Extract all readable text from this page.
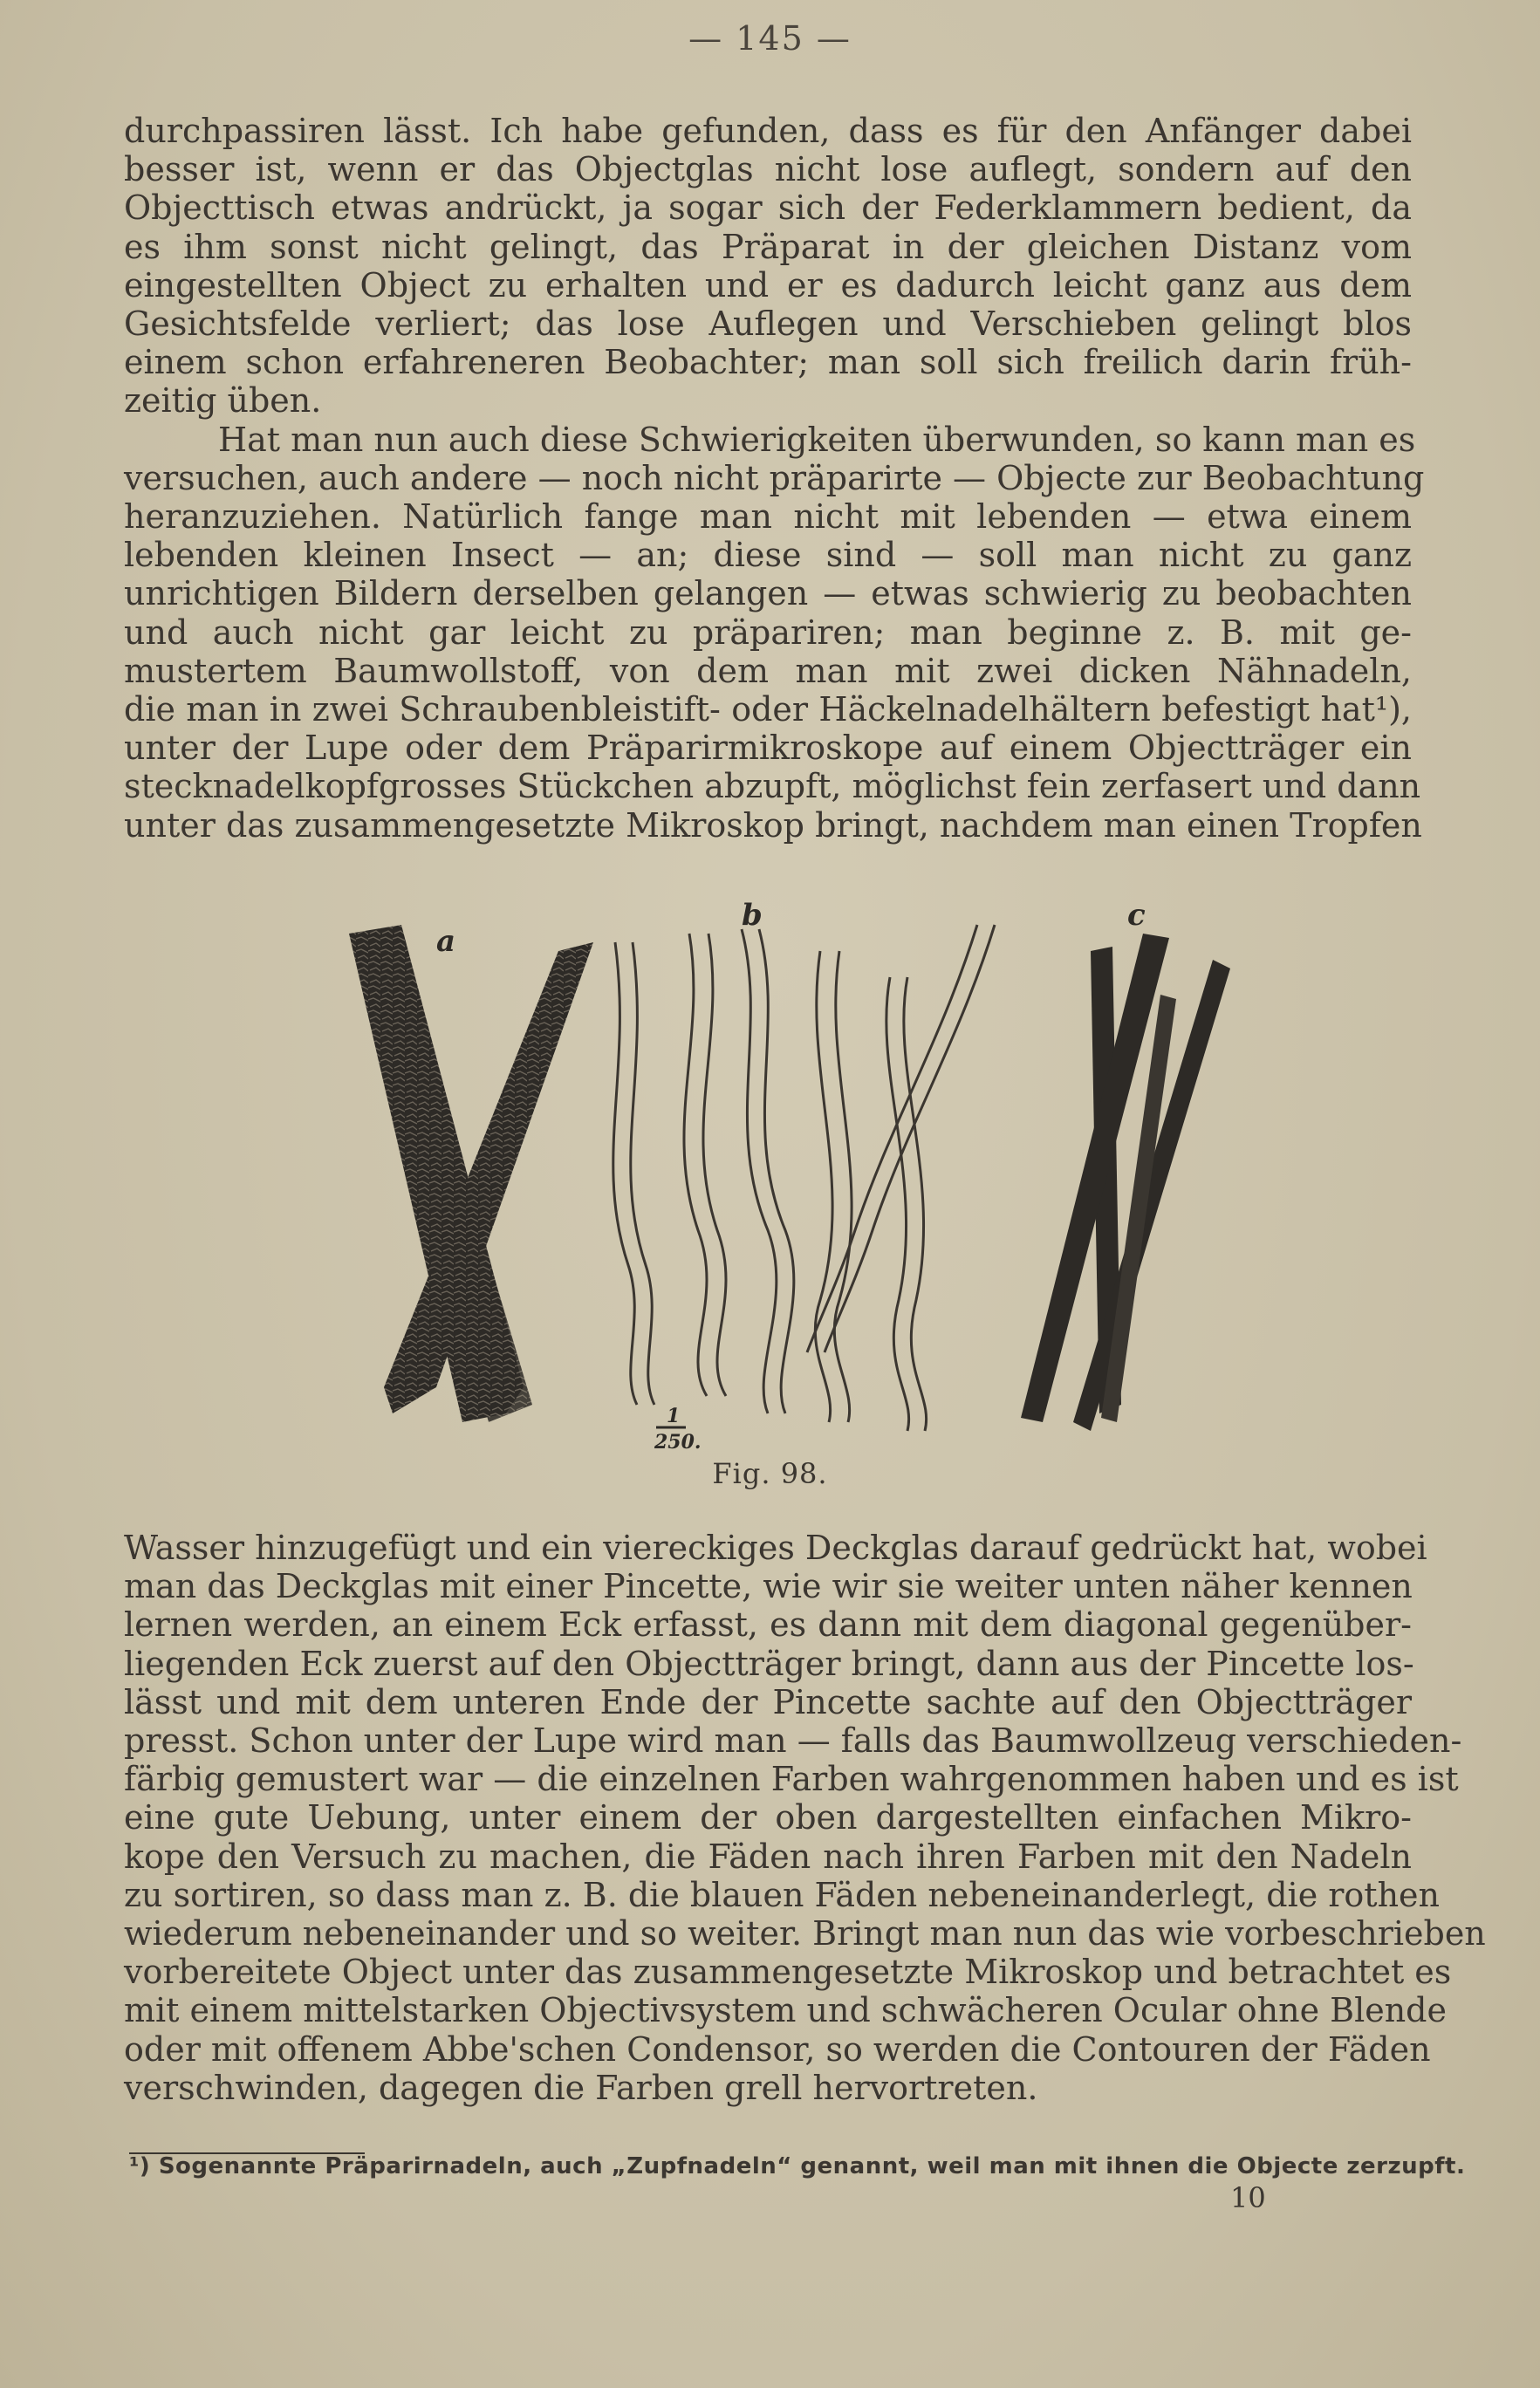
— 145 —
durchpassiren lässt. Ich habe gefunden, dass es für den Anfänger dabei
besser ist, wenn er das Objectglas nicht lose auflegt, sondern auf den
Objecttisch etwas andrückt, ja sogar sich der Federklammern bedient, da
es ihm sonst nicht gelingt, das Präparat in der gleichen Distanz vom
eingestellten Object zu erhalten und er es dadurch leicht ganz aus dem
Gesichtsfelde verliert; das lose Auflegen und Verschieben gelingt blos
einem schon erfahreneren Beobachter; man soll sich freilich darin früh-
zeitig üben.
Hat man nun auch diese Schwierigkeiten überwunden, so kann man es
versuchen, auch andere — noch nicht präparirte — Objecte zur Beobachtung
heranzuziehen. Natürlich fange man nicht mit lebenden — etwa einem
lebenden kleinen Insect — an; diese sind — soll man nicht zu ganz
unrichtigen Bildern derselben gelangen — etwas schwierig zu beobachten
und auch nicht gar leicht zu präpariren; man beginne z. B. mit ge-
mustertem Baumwollstoff, von dem man mit zwei dicken Nähnadeln,
die man in zwei Schraubenbleistift- oder Häckelnadelhältern befestigt hat¹),
unter der Lupe oder dem Präparirmikroskope auf einem Objectträger ein
stecknadelkopfgrosses Stückchen abzupft, möglichst fein zerfasert und dann
unter das zusammengesetzte Mikroskop bringt, nachdem man einen Tropfen
a
b	c
1
250.
Fig. 98.
Wasser hinzugefügt und ein viereckiges Deckglas darauf gedrückt hat, wobei
man das Deckglas mit einer Pincette, wie wir sie weiter unten näher kennen
lernen werden, an einem Eck erfasst, es dann mit dem diagonal gegenüber-
liegenden Eck zuerst auf den Objectträger bringt, dann aus der Pincette los-
lässt und mit dem unteren Ende der Pincette sachte auf den Objectträger
presst. Schon unter der Lupe wird man — falls das Baumwollzeug verschieden-
färbig gemustert war — die einzelnen Farben wahrgenommen haben und es ist
eine gute Uebung, unter einem der oben dargestellten einfachen Mikro-
kope den Versuch zu machen, die Fäden nach ihren Farben mit den Nadeln
zu sortiren, so dass man z. B. die blauen Fäden nebeneinanderlegt, die rothen
wiederum nebeneinander und so weiter. Bringt man nun das wie vorbeschrieben
vorbereitete Object unter das zusammengesetzte Mikroskop und betrachtet es
mit einem mittelstarken Objectivsystem und schwächeren Ocular ohne Blende
oder mit offenem Abbe'schen Condensor, so werden die Contouren der Fäden
verschwinden, dagegen die Farben grell hervortreten.
¹) Sogenannte Präparirnadeln, auch „Zupfnadeln“ genannt, weil man mit ihnen die Objecte zerzupft.
10
